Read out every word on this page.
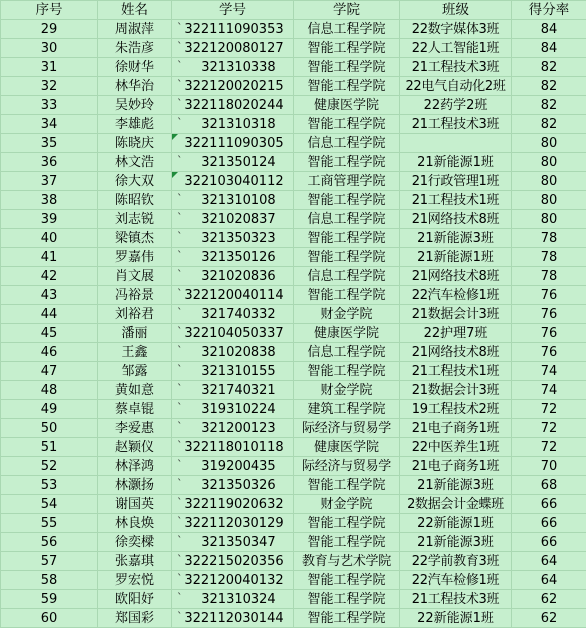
序号	姓名	学号	学院	班级	得分率
29	周淑萍	` 322111090353	信息工程学院	22数字媒体3班	84
30	朱浩彦	` 322120080127	智能工程学院	22人工智能1班	84
31	徐财华	` 321310338	智能工程学院	21工程技术3班	82
32	林华治	` 322120020215	智能工程学院	22电气自动化2班	82
33	吴妙玲	` 322118020244	健康医学院	22药学2班	82
34	李雄彪	` 321310318	智能工程学院	21工程技术3班	82
35	陈晓庆	322111090305	信息工程学院		80
36	林文浩	` 321350124	智能工程学院	21新能源1班	80
37	徐大双	322103040112	工商管理学院	21行政管理1班	80
38	陈昭钦	` 321310108	智能工程学院	21工程技术1班	80
39	刘志锐	` 321020837	信息工程学院	21网络技术8班	80
40	梁镇杰	` 321350323	智能工程学院	21新能源3班	78
41	罗嘉伟	` 321350126	智能工程学院	21新能源1班	78
42	肖文展	` 321020836	信息工程学院	21网络技术8班	78
43	冯裕景	` 322120040114	智能工程学院	22汽车检修1班	76
44	刘裕君	` 321740332	财金学院	21数据会计3班	76
45	潘丽	` 322104050337	健康医学院	22护理7班	76
46	王鑫	` 321020838	信息工程学院	21网络技术8班	76
47	邹露	` 321310155	智能工程学院	21工程技术1班	74
48	黄如意	` 321740321	财金学院	21数据会计3班	74
49	蔡卓锟	` 319310224	建筑工程学院	19工程技术2班	72
50	李爱惠	` 321200123	际经济与贸易学	21电子商务1班	72
51	赵颖仪	` 322118010118	健康医学院	22中医养生1班	72
52	林泽鸿	` 319200435	际经济与贸易学	21电子商务1班	70
53	林灏扬	` 321350326	智能工程学院	21新能源3班	68
54	谢国英	` 322119020632	财金学院	2数据会计金蝶班	66
55	林良焕	` 322112030129	智能工程学院	22新能源1班	66
56	徐奕樑	` 321350347	智能工程学院	21新能源3班	66
57	张嘉琪	` 322215020356	教育与艺术学院	22学前教育3班	64
58	罗宏悦	` 322120040132	智能工程学院	22汽车检修1班	64
59	欧阳妤	` 321310324	智能工程学院	21工程技术3班	62
60	郑国彩	` 322112030144	智能工程学院	22新能源1班	62
